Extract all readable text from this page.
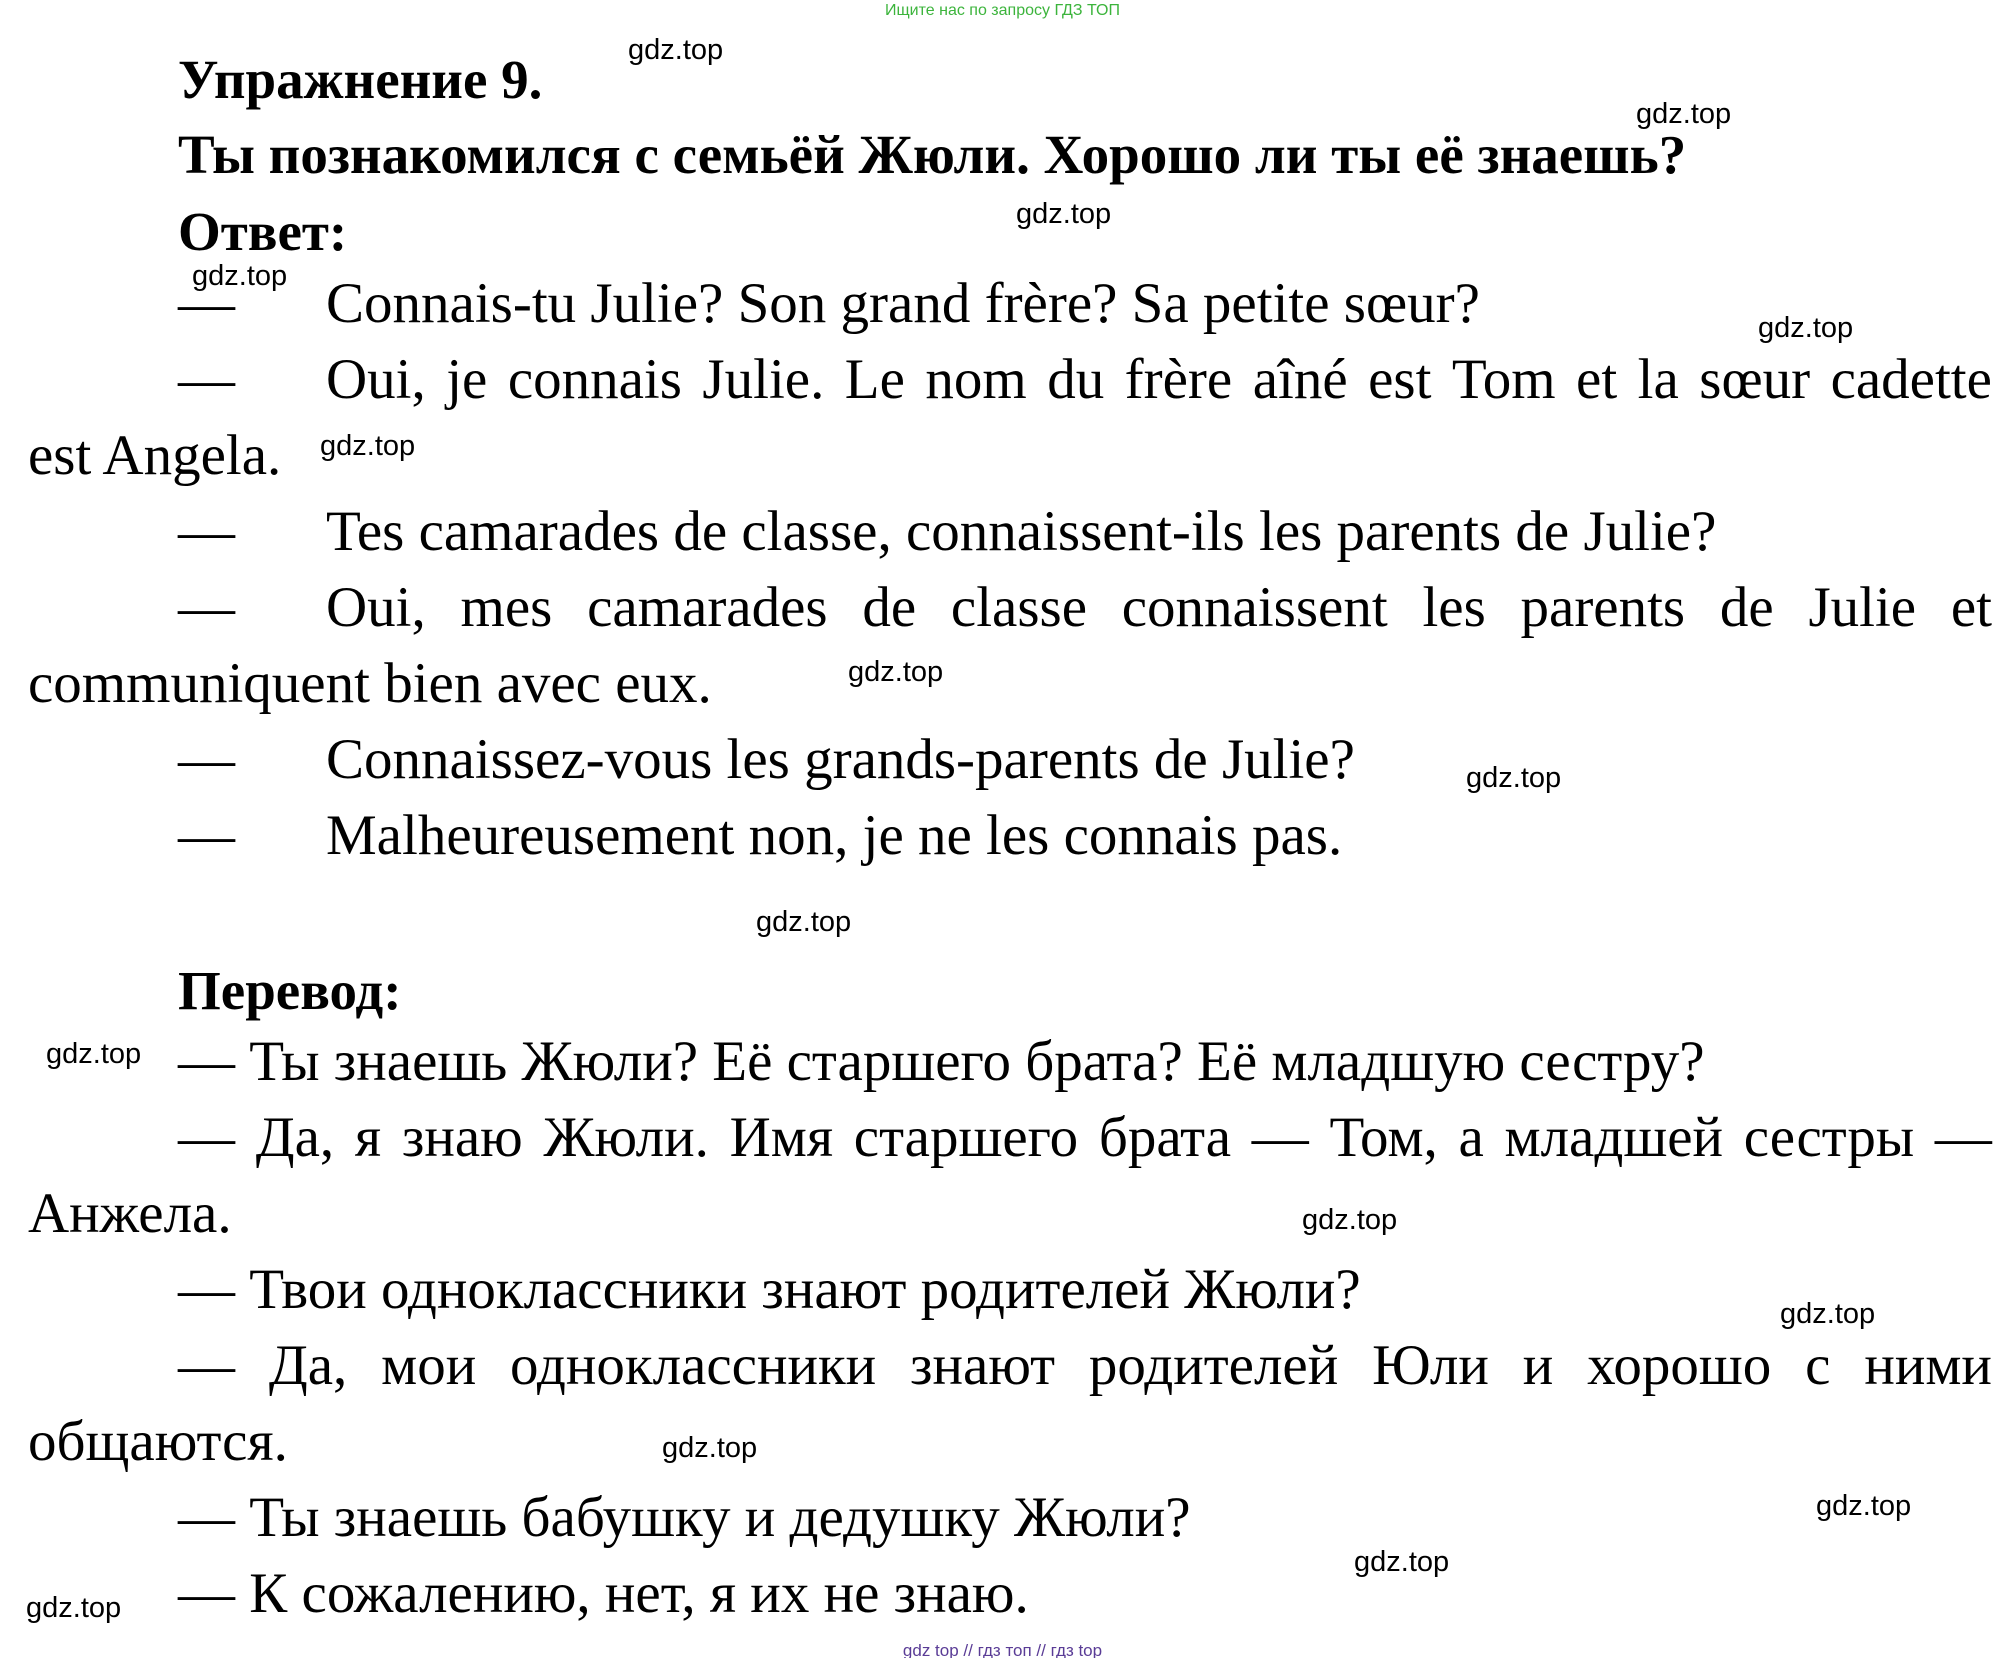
Ищите нас по запросу ГДЗ ТОП
Упражнение 9.
Ты познакомился с семьёй Жюли. Хорошо ли ты её знаешь?
Ответ:
— Connais-tu Julie? Son grand frère? Sa petite sœur?
— Oui, je connais Julie. Le nom du frère aîné est Tom et la sœur cadette
est Angela.
— Tes camarades de classe, connaissent-ils les parents de Julie?
— Oui, mes camarades de classe connaissent les parents de Julie et
communiquent bien avec eux.
— Connaissez-vous les grands-parents de Julie?
— Malheureusement non, je ne les connais pas.
Перевод:
— Ты знаешь Жюли? Её старшего брата? Её младшую сестру?
— Да, я знаю Жюли. Имя старшего брата — Том, а младшей сестры —
Анжела.
— Твои одноклассники знают родителей Жюли?
— Да, мои одноклассники знают родителей Юли и хорошо с ними
общаются.
— Ты знаешь бабушку и дедушку Жюли?
— К сожалению, нет, я их не знаю.
gdz.top
gdz.top
gdz.top
gdz.top
gdz.top
gdz.top
gdz.top
gdz.top
gdz.top
gdz.top
gdz.top
gdz.top
gdz.top
gdz.top
gdz.top
gdz.top
gdz top // гдз топ // гдз top
